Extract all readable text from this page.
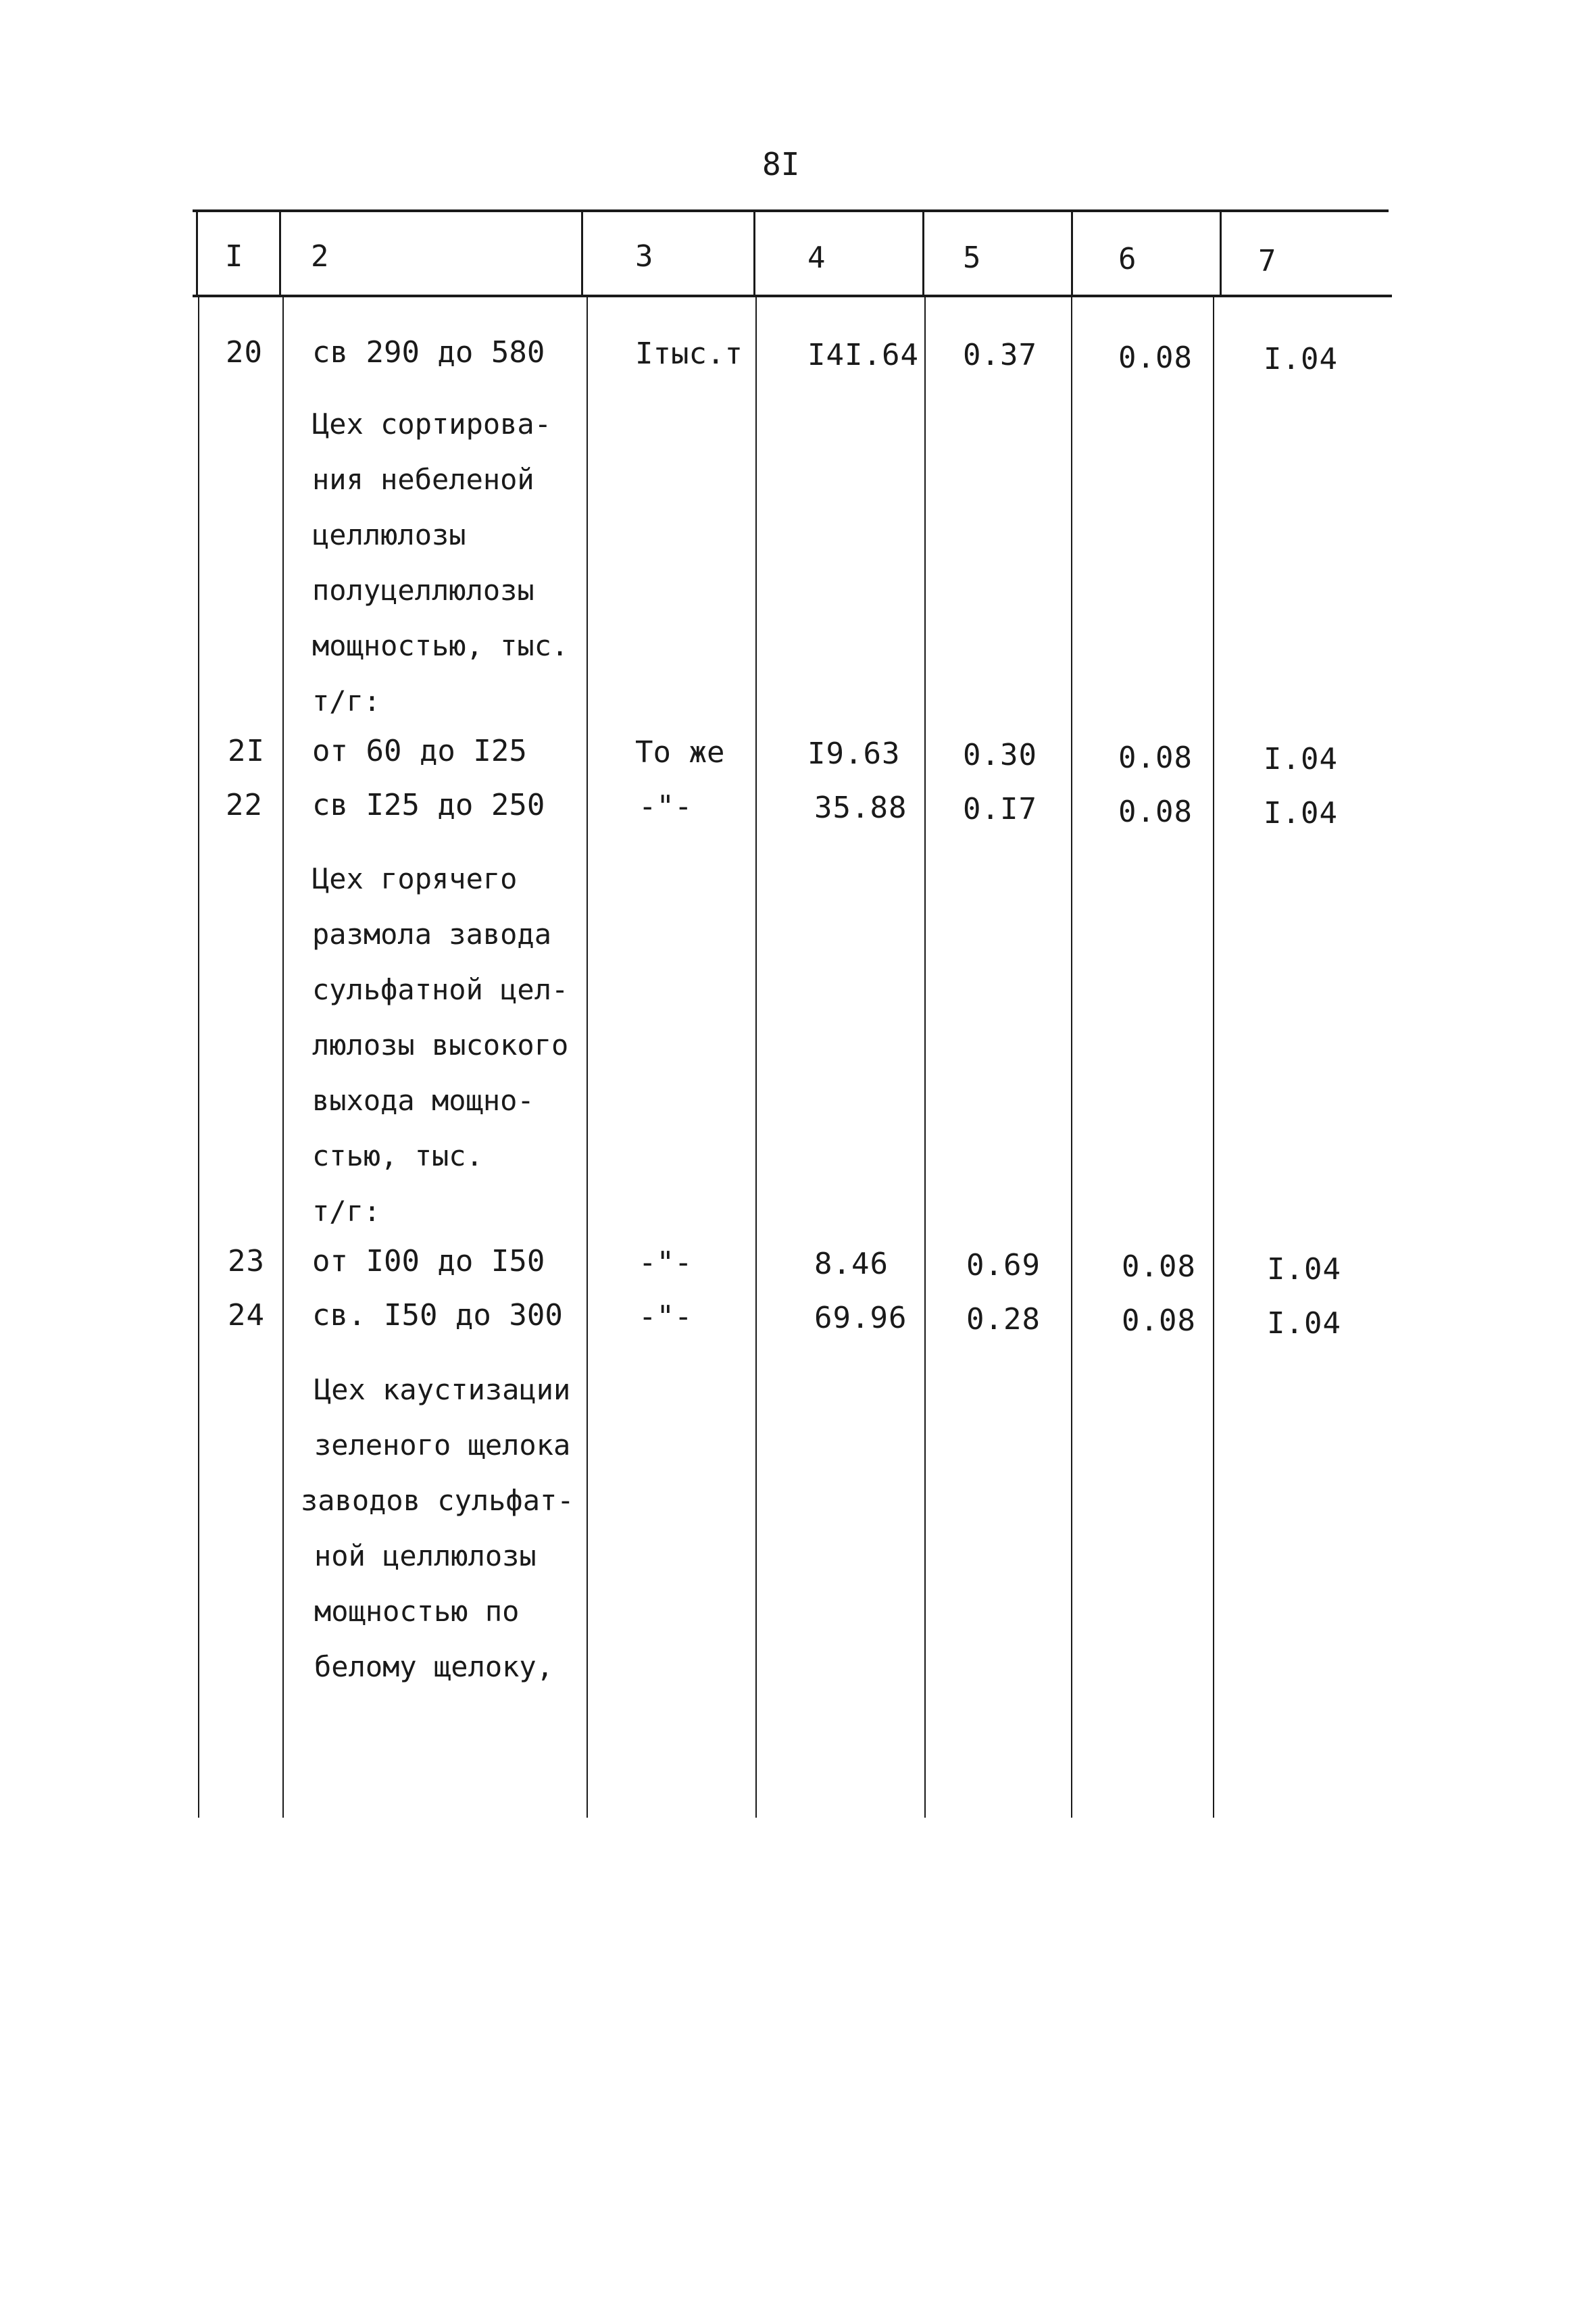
8I
I 2	3	4	5	6	7
20 св 290 до 580	Iтыс.т I4I.64 0.37	0.08 I.04
Цех сортирова-
ния небеленой
целлюлозы
полуцеллюлозы
мощностью, тыс.
т/г:
2I от 60 до I25	То же	I9.63 0.30	0.08 I.04
22 св I25 до 250	-"-	35.88 0.I7	0.08 I.04
Цех горячего
размола завода
сульфатной цел-
люлозы высокого
выхода мощно-
стью, тыс.
т/г:
23 от I00 до I50	-"-	8.46	0.69	0.08 I.04
24 св. I50 до 300	-"-	69.96 0.28	0.08 I.04
Цех каустизации
зеленого щелока
заводов сульфат-
ной целлюлозы
мощностью по
белому щелоку,
